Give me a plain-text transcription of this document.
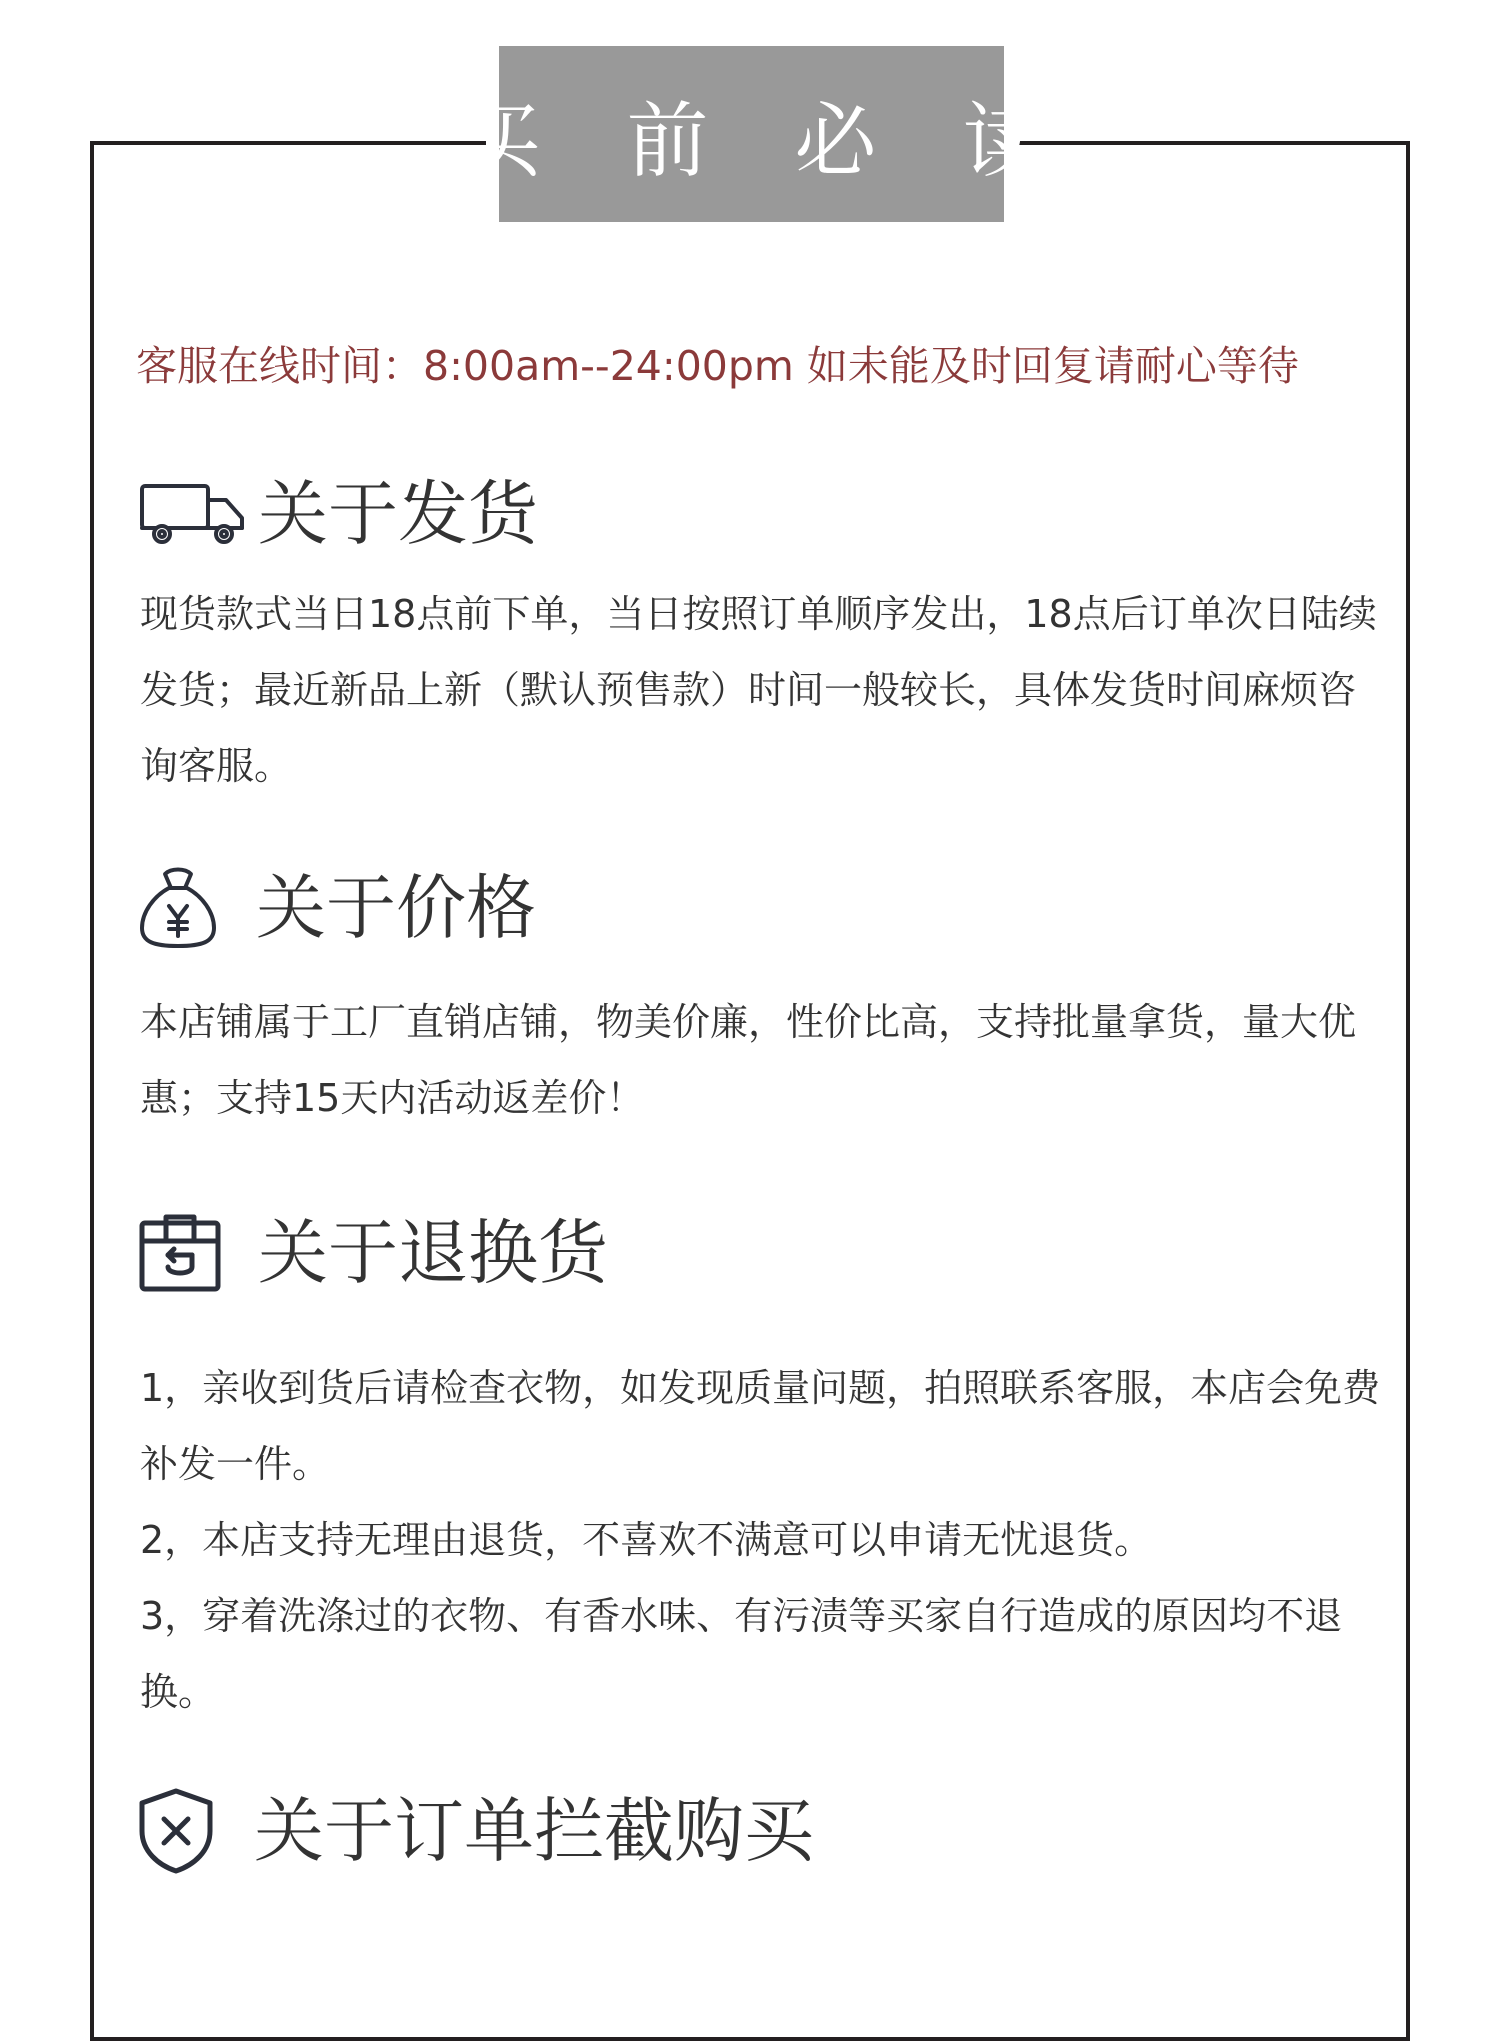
买 前 必 读
客服在线时间：8:00am--24:00pm 如未能及时回复请耐心等待
关于发货

现货款式当日18点前下单，当日按照订单顺序发出，18点后订单次日陆续发货；最近新品上新（默认预售款）时间一般较长，具体发货时间麻烦咨询客服。

关于价格

本店铺属于工厂直销店铺，物美价廉，性价比高，支持批量拿货，量大优惠；支持15天内活动返差价！

关于退换货

1，亲收到货后请检查衣物，如发现质量问题，拍照联系客服，本店会免费补发一件。

2，本店支持无理由退货，不喜欢不满意可以申请无忧退货。

3，穿着洗涤过的衣物、有香水味、有污渍等买家自行造成的原因均不退换。

关于订单拦截购买
